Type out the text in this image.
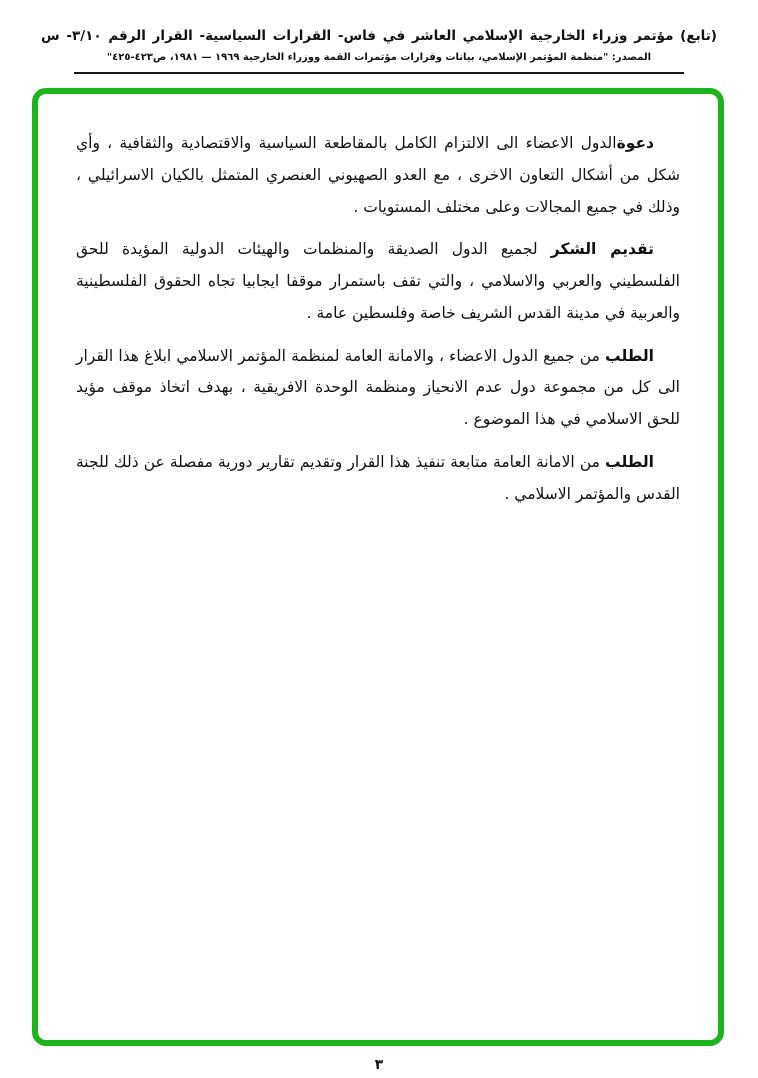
(تابع) مؤتمر وزراء الخارجية الإسلامي العاشر في فاس- القرارات السياسية- القرار الرقم ٣/١٠- س
المصدر: "منظمة المؤتمر الإسلامي، بيانات وقرارات مؤتمرات القمة ووزراء الخارجية ١٩٦٩ — ١٩٨١، ص٤٢٣-٤٢٥"

دعوةالدول الاعضاء الى الالتزام الكامل بالمقاطعة السياسية والاقتصادية والثقافية ، وأي شكل من أشكال التعاون الاخرى ، مع العدو الصهيوني العنصري المتمثل بالكيان الاسرائيلي ، وذلك في جميع المجالات وعلى مختلف المستويات .

تقديم الشكر لجميع الدول الصديقة والمنظمات والهيئات الدولية المؤيدة للحق الفلسطيني والعربي والاسلامي ، والتي تقف باستمرار موقفا ايجابيا تجاه الحقوق الفلسطينية والعربية في مدينة القدس الشريف خاصة وفلسطين عامة .

الطلب من جميع الدول الاعضاء ، والامانة العامة لمنظمة المؤتمر الاسلامي ابلاغ هذا القرار الى كل من مجموعة دول عدم الانحياز ومنظمة الوحدة الافريقية ، بهدف اتخاذ موقف مؤيد للحق الاسلامي في هذا الموضوع .

الطلب من الامانة العامة متابعة تنفيذ هذا القرار وتقديم تقارير دورية مفصلة عن ذلك للجنة القدس والمؤتمر الاسلامي .

٣
